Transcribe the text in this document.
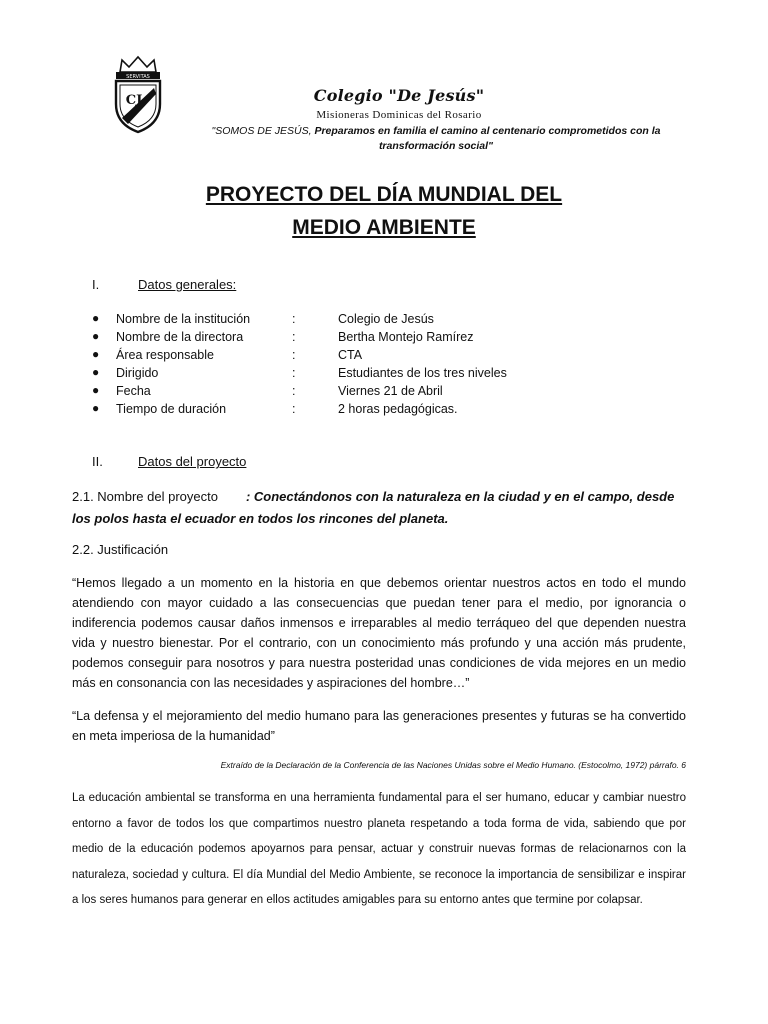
SERVITAS
CJ	Colegio "De Jesús"
Misioneras Dominicas del Rosario
"SOMOS DE JESÚS, Preparamos en familia el camino al centenario comprometidos con la transformación social"
PROYECTO DEL DÍA MUNDIAL DEL
MEDIO AMBIENTE
I.	Datos generales:
● Nombre de la institución	:	Colegio de Jesús
● Nombre de la directora	:	Bertha Montejo Ramírez
● Área responsable	:	CTA
● Dirigido	:	Estudiantes de los tres niveles
● Fecha	:	Viernes 21 de Abril
● Tiempo de duración	:	2 horas pedagógicas.
II.	Datos del proyecto
2.1. Nombre del proyecto : Conectándonos con la naturaleza en la ciudad y en el campo, desde los polos hasta el ecuador en todos los rincones del planeta.
2.2. Justificación

“Hemos llegado a un momento en la historia en que debemos orientar nuestros actos en todo el mundo atendiendo con mayor cuidado a las consecuencias que puedan tener para el medio, por ignorancia o indiferencia podemos causar daños inmensos e irreparables al medio terráqueo del que dependen nuestra vida y nuestro bienestar. Por el contrario, con un conocimiento más profundo y una acción más prudente, podemos conseguir para nosotros y para nuestra posteridad unas condiciones de vida mejores en un medio más en consonancia con las necesidades y aspiraciones del hombre…”

“La defensa y el mejoramiento del medio humano para las generaciones presentes y futuras se ha convertido en meta imperiosa de la humanidad”

Extraído de la Declaración de la Conferencia de las Naciones Unidas sobre el Medio Humano. (Estocolmo, 1972) párrafo. 6

La educación ambiental se transforma en una herramienta fundamental para el ser humano, educar y cambiar nuestro entorno a favor de todos los que compartimos nuestro planeta respetando a toda forma de vida, sabiendo que por medio de la educación podemos apoyarnos para pensar, actuar y construir nuevas formas de relacionarnos con la naturaleza, sociedad y cultura. El día Mundial del Medio Ambiente, se reconoce la importancia de sensibilizar e inspirar a los seres humanos para generar en ellos actitudes amigables para su entorno antes que termine por colapsar.
